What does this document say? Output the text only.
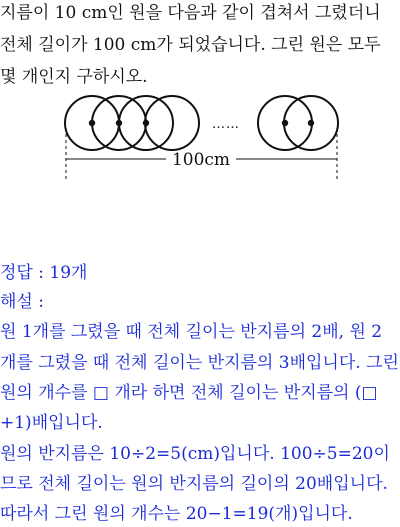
지름이 10 cm인 원을 다음과 같이 겹쳐서 그렸더니
전체 길이가 100 cm가 되었습니다. 그린 원은 모두
몇 개인지 구하시오.
……
100cm
정답 : 19개
해설 :
원 1개를 그렸을 때 전체 길이는 반지름의 2배, 원 2
개를 그렸을 때 전체 길이는 반지름의 3배입니다. 그린
원의 개수를 □ 개라 하면 전체 길이는 반지름의 (□
+1)배입니다.
원의 반지름은 10÷2=5(cm)입니다. 100÷5=20이
므로 전체 길이는 원의 반지름의 길이의 20배입니다.
따라서 그린 원의 개수는 20−1=19(개)입니다.
